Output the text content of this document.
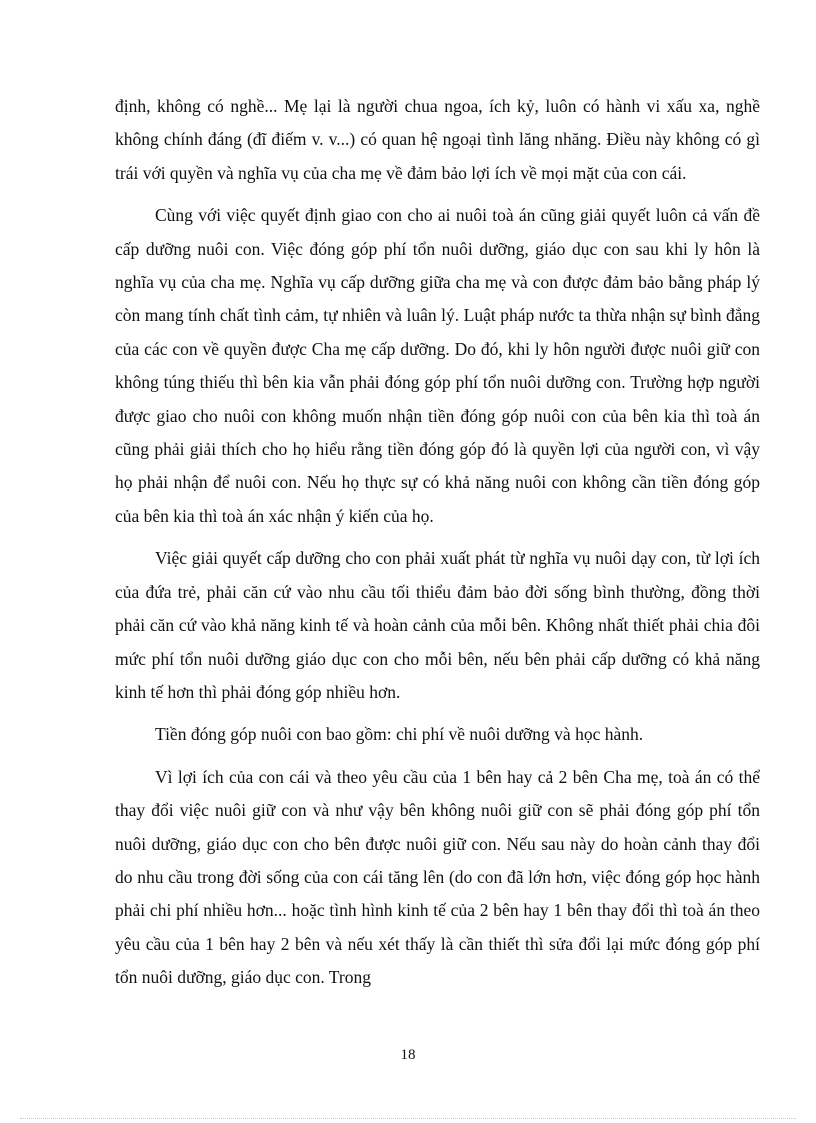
định, không có nghề... Mẹ lại là người chua ngoa, ích kỷ, luôn có hành vi xấu xa, nghề không chính đáng (đĩ điếm v. v...) có quan hệ ngoại tình lăng nhăng. Điều này không có gì trái với quyền và nghĩa vụ của cha mẹ về đảm bảo lợi ích về mọi mặt của con cái.

Cùng với việc quyết định giao con cho ai nuôi toà án cũng giải quyết luôn cả vấn đề cấp dưỡng nuôi con. Việc đóng góp phí tổn nuôi dưỡng, giáo dục con sau khi ly hôn là nghĩa vụ của cha mẹ. Nghĩa vụ cấp dưỡng giữa cha mẹ và con được đảm bảo bằng pháp lý còn mang tính chất tình cảm, tự nhiên và luân lý. Luật pháp nước ta thừa nhận sự bình đẳng của các con về quyền được Cha mẹ cấp dưỡng. Do đó, khi ly hôn người được nuôi giữ con không túng thiếu thì bên kia vẫn phải đóng góp phí tổn nuôi dưỡng con. Trường hợp người được giao cho nuôi con không muốn nhận tiền đóng góp nuôi con của bên kia thì toà án cũng phải giải thích cho họ hiểu rằng tiền đóng góp đó là quyền lợi của người con, vì vậy họ phải nhận để nuôi con. Nếu họ thực sự có khả năng nuôi con không cần tiền đóng góp của bên kia thì toà án xác nhận ý kiến của họ.

Việc giải quyết cấp dưỡng cho con phải xuất phát từ nghĩa vụ nuôi dạy con, từ lợi ích của đứa trẻ, phải căn cứ vào nhu cầu tối thiểu đảm bảo đời sống bình thường, đồng thời phải căn cứ vào khả năng kinh tế và hoàn cảnh của mỗi bên. Không nhất thiết phải chia đôi mức phí tổn nuôi dưỡng giáo dục con cho mỗi bên, nếu bên phải cấp dưỡng có khả năng kinh tế hơn thì phải đóng góp nhiều hơn.

Tiền đóng góp nuôi con bao gồm: chi phí về nuôi dưỡng và học hành.

Vì lợi ích của con cái và theo yêu cầu của 1 bên hay cả 2 bên Cha mẹ, toà án có thể thay đổi việc nuôi giữ con và như vậy bên không nuôi giữ con sẽ phải đóng góp phí tổn nuôi dưỡng, giáo dục con cho bên được nuôi giữ con. Nếu sau này do hoàn cảnh thay đổi do nhu cầu trong đời sống của con cái tăng lên (do con đã lớn hơn, việc đóng góp học hành phải chi phí nhiều hơn... hoặc tình hình kinh tế của 2 bên hay 1 bên thay đổi thì toà án theo yêu cầu của 1 bên hay 2 bên và nếu xét thấy là cần thiết thì sửa đổi lại mức đóng góp phí tổn nuôi dưỡng, giáo dục con. Trong

18
